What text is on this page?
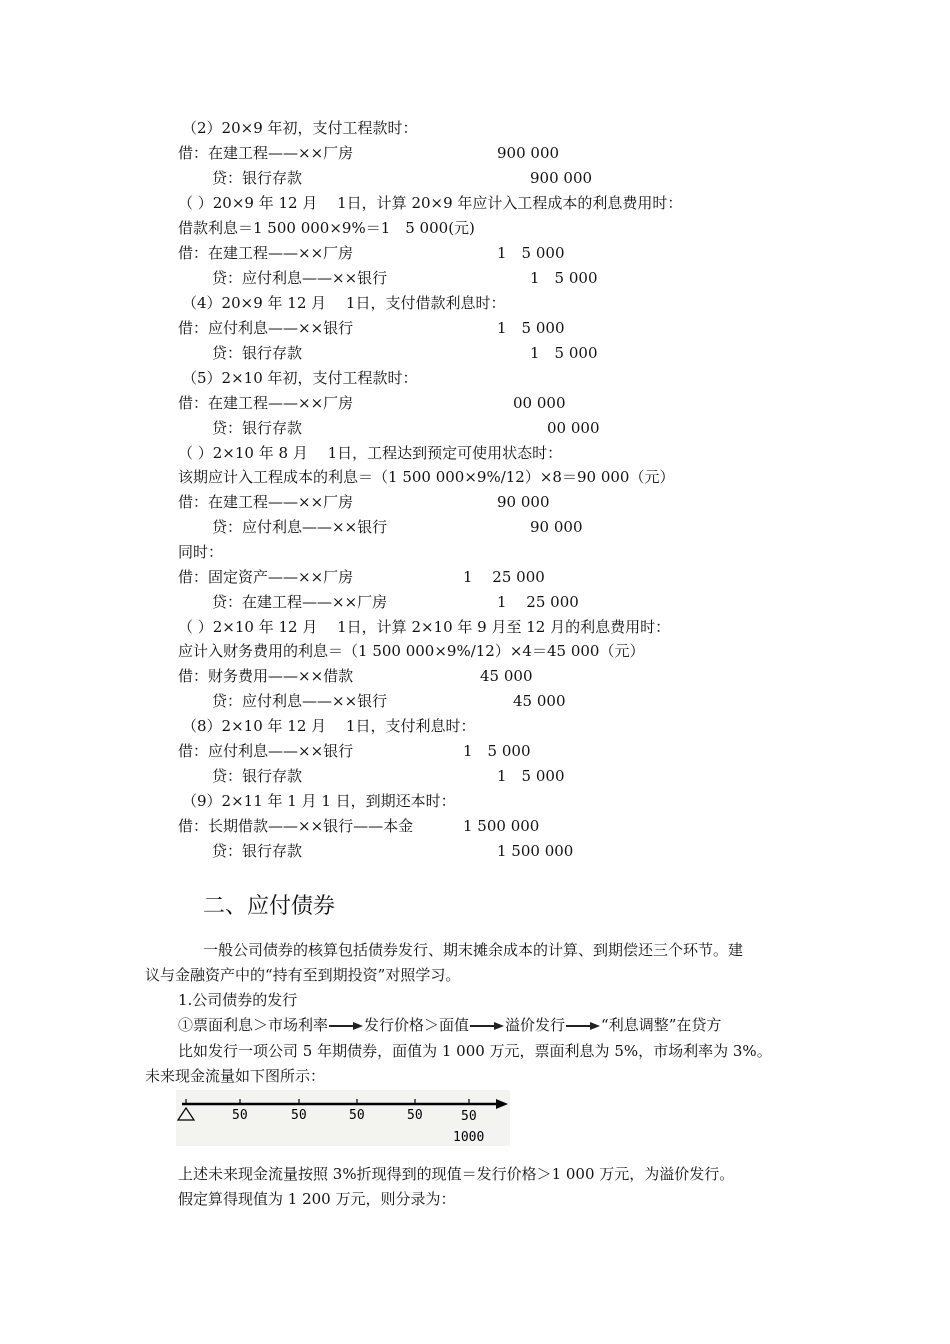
（2）20×9 年初，支付工程款时：
借：在建工程——××厂房	900 000
贷：银行存款	900 000
（ ）20×9 年 12 月　 1日，计算 20×9 年应计入工程成本的利息费用时：
借款利息＝1 500 000×9%＝1　5 000(元)
借：在建工程——××厂房	1　5 000
贷：应付利息——××银行	1　5 000
（4）20×9 年 12 月　 1日，支付借款利息时：
借：应付利息——××银行	1　5 000
贷：银行存款	1　5 000
（5）2×10 年初，支付工程款时：
借：在建工程——××厂房	00 000
贷：银行存款	00 000
（ ）2×10 年 8 月　 1日，工程达到预定可使用状态时：
该期应计入工程成本的利息＝（1 500 000×9%/12）×8＝90 000（元）
借：在建工程——××厂房	90 000
贷：应付利息——××银行	90 000
同时：
借：固定资产——××厂房	1　 25 000
贷：在建工程——××厂房	1　 25 000
（ ）2×10 年 12 月　 1日，计算 2×10 年 9 月至 12 月的利息费用时：
应计入财务费用的利息＝（1 500 000×9%/12）×4＝45 000（元）
借：财务费用——××借款	45 000
贷：应付利息——××银行	45 000
（8）2×10 年 12 月　 1日，支付利息时：
借：应付利息——××银行	1　5 000
贷：银行存款	1　5 000
（9）2×11 年 1 月 1 日，到期还本时：
借：长期借款——××银行——本金	1 500 000
贷：银行存款	1 500 000
二、应付债券
一般公司债券的核算包括债券发行、期末摊余成本的计算、到期偿还三个环节。建
议与金融资产中的“持有至到期投资”对照学习。
1.公司债券的发行
①票面利息＞市场利率 发行价格＞面值 溢价发行 “利息调整”在贷方
比如发行一项公司 5 年期债券，面值为 1 000 万元，票面利息为 5%，市场利率为 3%。
未来现金流量如下图所示：
50	50	50	50	50
1000
上述未来现金流量按照 3%折现得到的现值＝发行价格＞1 000 万元，为溢价发行。
假定算得现值为 1 200 万元，则分录为：
